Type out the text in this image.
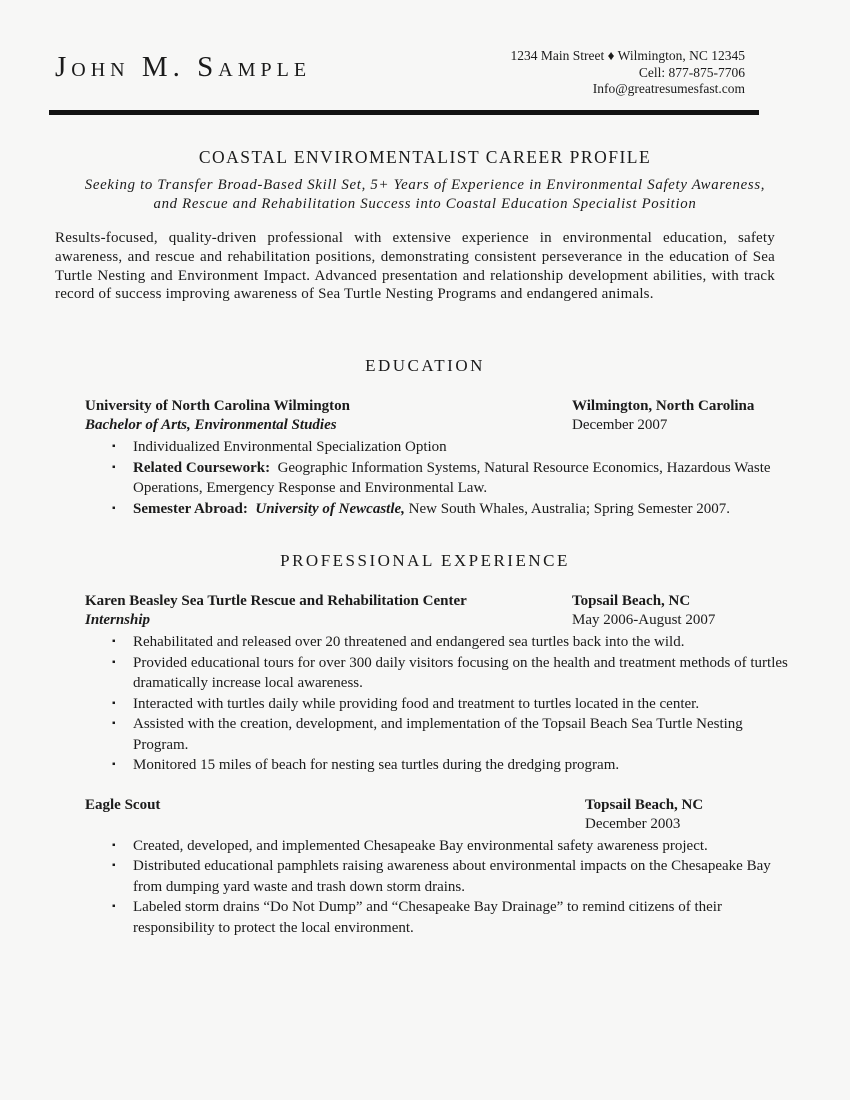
John M. Sample	1234 Main Street ♦ Wilmington, NC 12345
Cell: 877-875-7706
Info@greatresumesfast.com
COASTAL ENVIROMENTALIST CAREER PROFILE
Seeking to Transfer Broad-Based Skill Set, 5+ Years of Experience in Environmental Safety Awareness, and Rescue and Rehabilitation Success into Coastal Education Specialist Position
Results-focused, quality-driven professional with extensive experience in environmental education, safety awareness, and rescue and rehabilitation positions, demonstrating consistent perseverance in the education of Sea Turtle Nesting and Environment Impact. Advanced presentation and relationship development abilities, with track record of success improving awareness of Sea Turtle Nesting Programs and endangered animals.
EDUCATION
University of North Carolina Wilmington
Bachelor of Arts, Environmental Studies
Wilmington, North Carolina
December 2007
▪ Individualized Environmental Specialization Option
▪ Related Coursework:  Geographic Information Systems, Natural Resource Economics, Hazardous Waste Operations, Emergency Response and Environmental Law.
▪ Semester Abroad: University of Newcastle, New South Whales, Australia; Spring Semester 2007.
PROFESSIONAL EXPERIENCE
Karen Beasley Sea Turtle Rescue and Rehabilitation Center
Internship
Topsail Beach, NC
May 2006-August 2007
▪ Rehabilitated and released over 20 threatened and endangered sea turtles back into the wild.
▪ Provided educational tours for over 300 daily visitors focusing on the health and treatment methods of turtles dramatically increase local awareness.
▪ Interacted with turtles daily while providing food and treatment to turtles located in the center.
▪ Assisted with the creation, development, and implementation of the Topsail Beach Sea Turtle Nesting Program.
▪ Monitored 15 miles of beach for nesting sea turtles during the dredging program.
Eagle Scout	Topsail Beach, NC
December 2003
▪ Created, developed, and implemented Chesapeake Bay environmental safety awareness project.
▪ Distributed educational pamphlets raising awareness about environmental impacts on the Chesapeake Bay from dumping yard waste and trash down storm drains.
▪ Labeled storm drains “Do Not Dump” and “Chesapeake Bay Drainage” to remind citizens of their responsibility to protect the local environment.
